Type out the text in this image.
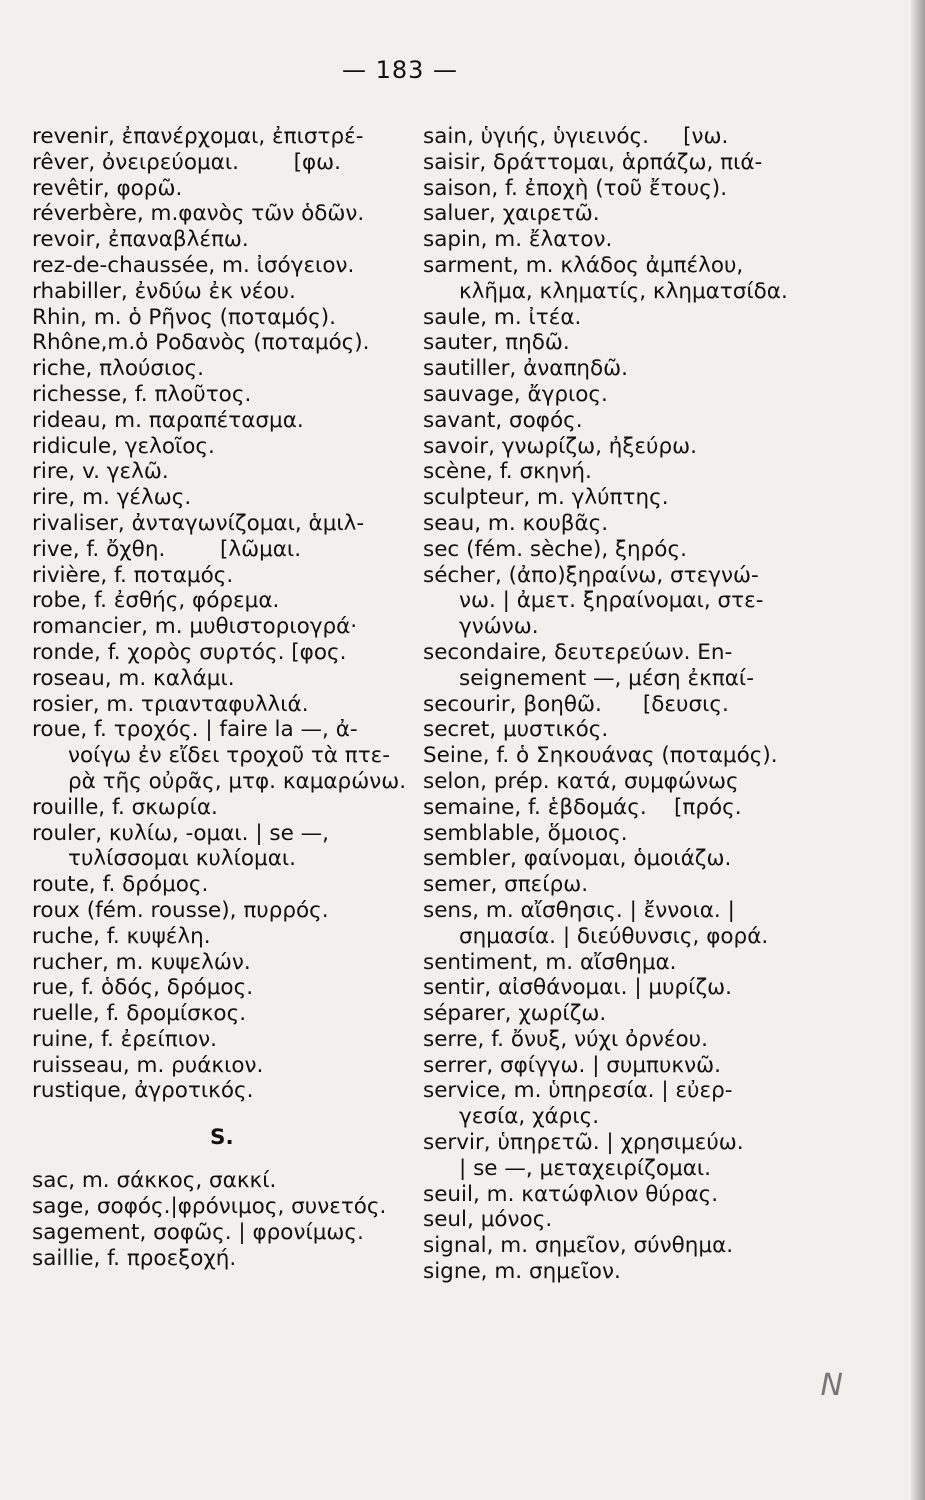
— 183 —
revenir, ἐπανέρχομαι, ἐπιστρέ-
rêver, ὀνειρεύομαι.        [φω.
revêtir, φορῶ.
réverbère, m.φανὸς τῶν ὁδῶν.
revoir, ἐπαναβλέπω.
rez-de-chaussée, m. ἰσόγειον.
rhabiller, ἐνδύω ἐκ νέου.
Rhin, m. ὁ Ρῆνος (ποταμός).
Rhône,m.ὁ Ροδανὸς (ποταμός).
riche, πλούσιος.
richesse, f. πλοῦτος.
rideau, m. παραπέτασμα.
ridicule, γελοῖος.
rire, v. γελῶ.
rire, m. γέλως.
rivaliser, ἀνταγωνίζομαι, ἁμιλ-
rive, f. ὄχθη.        [λῶμαι.
rivière, f. ποταμός.
robe, f. ἐσθής, φόρεμα.
romancier, m. μυθιστοριογρά·
ronde, f. χορὸς συρτός. [φος.
roseau, m. καλάμι.
rosier, m. τριανταφυλλιά.
roue, f. τροχός. | faire la —, ἀ-
νοίγω ἐν εἴδει τροχοῦ τὰ πτε-
ρὰ τῆς οὐρᾶς, μτφ. καμαρώνω.
rouille, f. σκωρία.
rouler, κυλίω, -ομαι. | se —,
τυλίσσομαι κυλίομαι.
route, f. δρόμος.
roux (fém. rousse), πυρρός.
ruche, f. κυψέλη.
rucher, m. κυψελών.
rue, f. ὁδός, δρόμος.
ruelle, f. δρομίσκος.
ruine, f. ἐρείπιον.
ruisseau, m. ρυάκιον.
rustique, ἀγροτικός.
S.
sac, m. σάκκος, σακκί.
sage, σοφός.|φρόνιμος, συνετός.
sagement, σοφῶς. | φρονίμως.
saillie, f. προεξοχή.
sain, ὑγιής, ὑγιεινός.     [νω.
saisir, δράττομαι, ἁρπάζω, πιά-
saison, f. ἐποχὴ (τοῦ ἔτους).
saluer, χαιρετῶ.
sapin, m. ἔλατον.
sarment, m. κλάδος ἀμπέλου,
κλῆμα, κληματίς, κληματσίδα.
saule, m. ἰτέα.
sauter, πηδῶ.
sautiller, ἀναπηδῶ.
sauvage, ἄγριος.
savant, σοφός.
savoir, γνωρίζω, ἠξεύρω.
scène, f. σκηνή.
sculpteur, m. γλύπτης.
seau, m. κουβᾶς.
sec (fém. sèche), ξηρός.
sécher, (ἀπο)ξηραίνω, στεγνώ-
νω. | ἀμετ. ξηραίνομαι, στε-
γνώνω.
secondaire, δευτερεύων. En-
seignement —, μέση ἐκπαί-
secourir, βοηθῶ.      [δευσις.
secret, μυστικός.
Seine, f. ὁ Σηκουάνας (ποταμός).
selon, prép. κατά, συμφώνως
semaine, f. ἑβδομάς.    [πρός.
semblable, ὅμοιος.
sembler, φαίνομαι, ὁμοιάζω.
semer, σπείρω.
sens, m. αἴσθησις. | ἔννοια. |
σημασία. | διεύθυνσις, φορά.
sentiment, m. αἴσθημα.
sentir, αἰσθάνομαι. | μυρίζω.
séparer, χωρίζω.
serre, f. ὄνυξ, νύχι ὀρνέου.
serrer, σφίγγω. | συμπυκνῶ.
service, m. ὑπηρεσία. | εὐερ-
γεσία, χάρις.
servir, ὑπηρετῶ. | χρησιμεύω.
| se —, μεταχειρίζομαι.
seuil, m. κατώφλιον θύρας.
seul, μόνος.
signal, m. σημεῖον, σύνθημα.
signe, m. σημεῖον.
N
